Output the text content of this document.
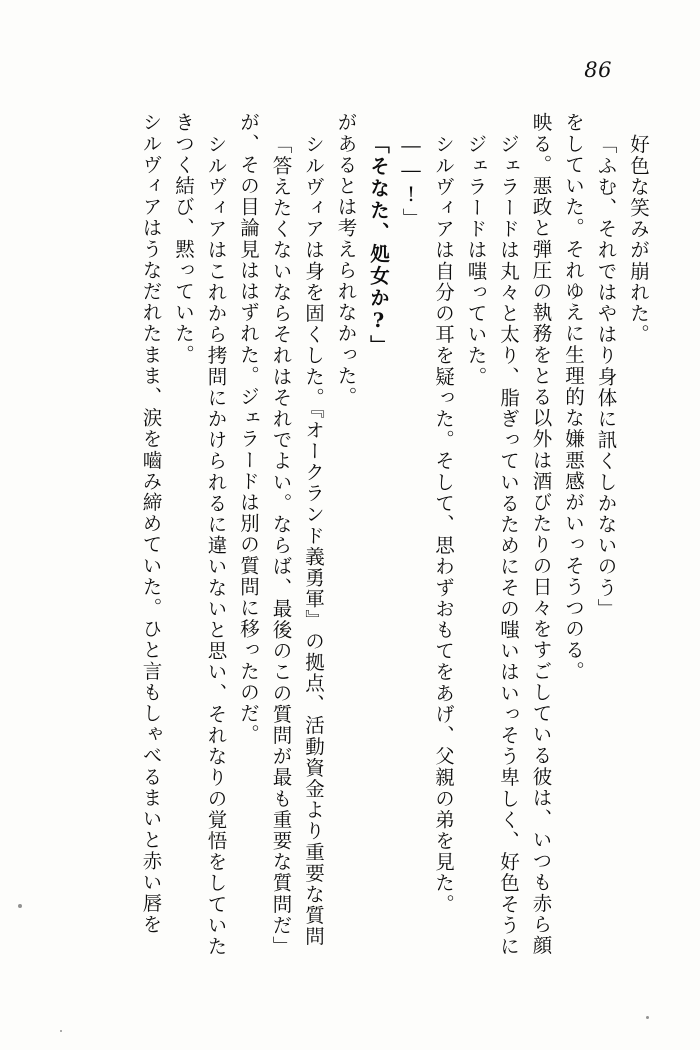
86
シルヴィアはうなだれたまま、涙を嚙み締めていた。ひと言もしゃべるまいと赤い唇を きつく結び、黙っていた。 シルヴィアはこれから拷問にかけられるに違いないと思い、それなりの覚悟をしていた が、その目論見ははずれた。ジェラードは別の質問に移ったのだ。 「答えたくないならそれはそれでよい。ならば、最後のこの質問が最も重要な質問だ」 シルヴィアは身を固くした。『オークランド義勇軍』の拠点、活動資金より重要な質問 があるとは考えられなかった。 「そなた、処女か?」 ――!」 シルヴィアは自分の耳を疑った。そして、思わずおもてをあげ、父親の弟を見た。 ジェラードは嗤っていた。 ジェラードは丸々と太り、脂ぎっているためにその嗤いはいっそう卑しく、好色そうに 映る。悪政と弾圧の執務をとる以外は酒びたりの日々をすごしている彼は、いつも赤ら顔 をしていた。それゆえに生理的な嫌悪感がいっそうつのる。 「ふむ、それではやはり身体に訊くしかないのう」 好色な笑みが崩れた。
